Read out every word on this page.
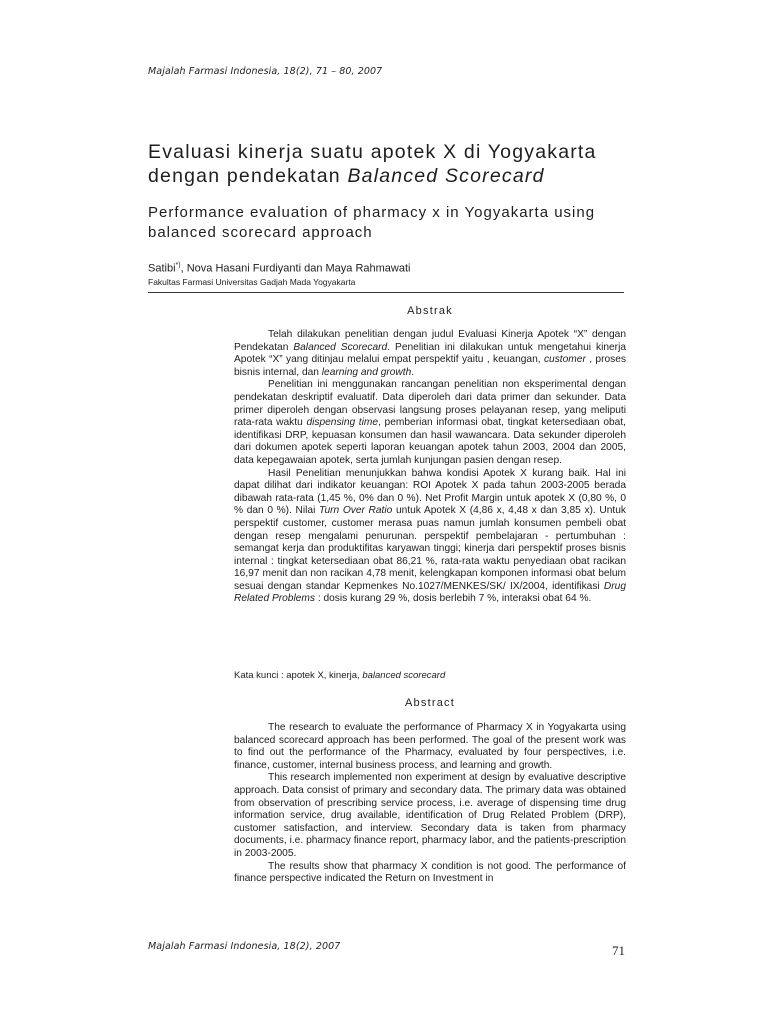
Majalah Farmasi Indonesia, 18(2), 71 – 80, 2007
Evaluasi kinerja suatu apotek X di Yogyakarta
dengan pendekatan Balanced Scorecard
Performance evaluation of pharmacy x in Yogyakarta using balanced scorecard approach
Satibi*), Nova Hasani Furdiyanti dan Maya Rahmawati
Fakultas Farmasi Universitas Gadjah Mada Yogyakarta
Abstrak

Telah dilakukan penelitian dengan judul Evaluasi Kinerja Apotek “X” dengan Pendekatan Balanced Scorecard. Penelitian ini dilakukan untuk mengetahui kinerja Apotek “X” yang ditinjau melalui empat perspektif yaitu , keuangan, customer , proses bisnis internal, dan learning and growth.

Penelitian ini menggunakan rancangan penelitian non eksperimental dengan pendekatan deskriptif evaluatif. Data diperoleh dari data primer dan sekunder. Data primer diperoleh dengan observasi langsung proses pelayanan resep, yang meliputi rata-rata waktu dispensing time, pemberian informasi obat, tingkat ketersediaan obat, identifikasi DRP, kepuasan konsumen dan hasil wawancara. Data sekunder diperoleh dari dokumen apotek seperti laporan keuangan apotek tahun 2003, 2004 dan 2005, data kepegawaian apotek, serta jumlah kunjungan pasien dengan resep.

Hasil Penelitian menunjukkan bahwa kondisi Apotek X kurang baik. Hal ini dapat dilihat dari indikator keuangan: ROI Apotek X pada tahun 2003-2005 berada dibawah rata-rata (1,45 %, 0% dan 0 %). Net Profit Margin untuk apotek X (0,80 %, 0 % dan 0 %). Nilai Turn Over Ratio untuk Apotek X (4,86 x, 4,48 x dan 3,85 x). Untuk perspektif customer, customer merasa puas namun jumlah konsumen pembeli obat dengan resep mengalami penurunan. perspektif pembelajaran - pertumbuhan : semangat kerja dan produktifitas karyawan tinggi; kinerja dari perspektif proses bisnis internal : tingkat ketersediaan obat 86,21 %, rata-rata waktu penyediaan obat racikan 16,97 menit dan non racikan 4,78 menit, kelengkapan komponen informasi obat belum sesuai dengan standar Kepmenkes No.1027/MENKES/SK/ IX/2004, identifikasi Drug Related Problems : dosis kurang 29 %, dosis berlebih 7 %, interaksi obat 64 %.

Kata kunci : apotek X, kinerja, balanced scorecard
Abstract

The research to evaluate the performance of Pharmacy X in Yogyakarta using balanced scorecard approach has been performed. The goal of the present work was to find out the performance of the Pharmacy, evaluated by four perspectives, i.e. finance, customer, internal business process, and learning and growth.

This research implemented non experiment at design by evaluative descriptive approach. Data consist of primary and secondary data. The primary data was obtained from observation of prescribing service process, i.e. average of dispensing time drug information service, drug available, identification of Drug Related Problem (DRP), customer satisfaction, and interview. Secondary data is taken from pharmacy documents, i.e. pharmacy finance report, pharmacy labor, and the patients-prescription in 2003-2005.

The results show that pharmacy X condition is not good. The performance of finance perspective indicated the Return on Investment in

Majalah Farmasi Indonesia, 18(2), 2007	71
